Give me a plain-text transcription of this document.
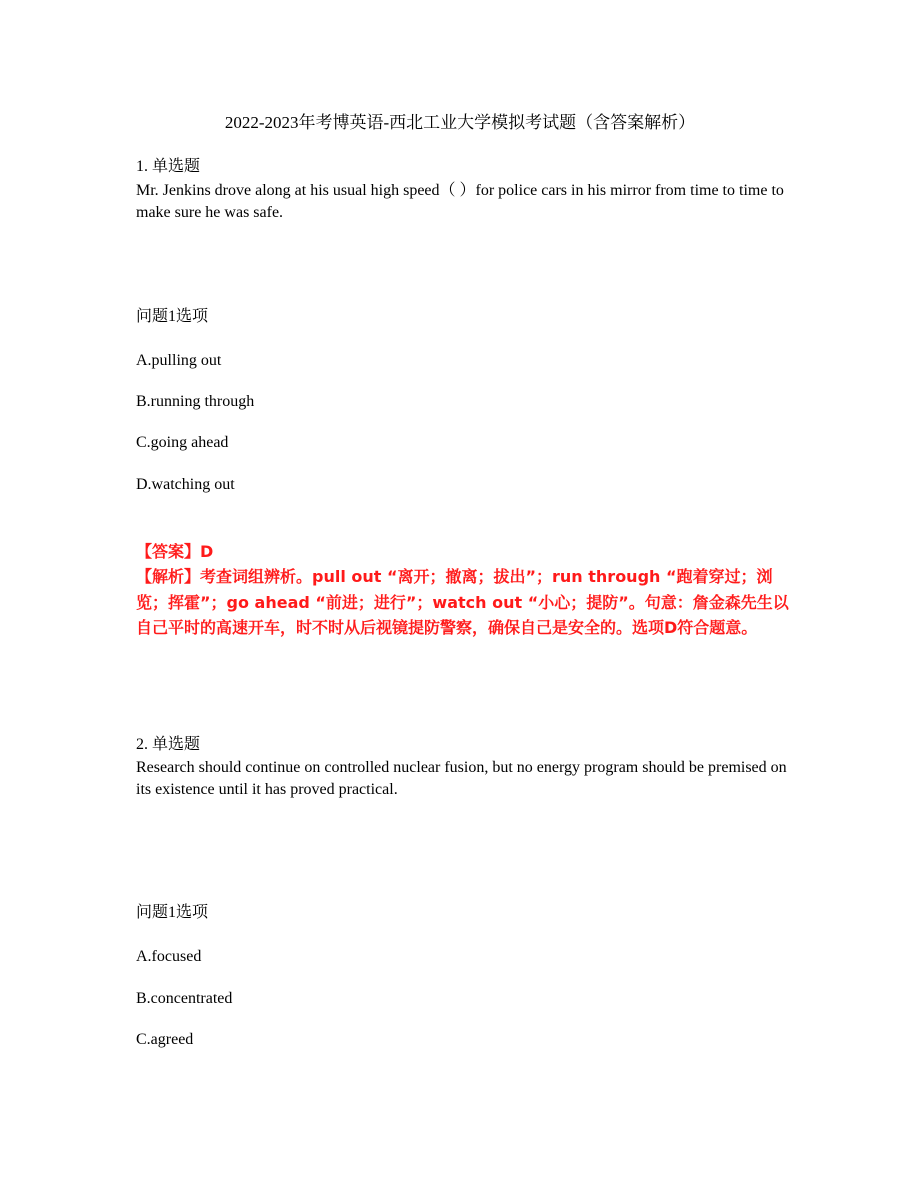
2022-2023年考博英语-西北工业大学模拟考试题（含答案解析）
1. 单选题
Mr. Jenkins drove along at his usual high speed（ ）for police cars in his mirror from time to time to make sure he was safe.
问题1选项
A.pulling out
B.running through
C.going ahead
D.watching out
【答案】D
【解析】考查词组辨析。pull out “离开；撤离；拔出”；run through “跑着穿过；浏览；挥霍”；go ahead “前进；进行”；watch out “小心；提防”。句意：詹金森先生以自己平时的高速开车，时不时从后视镜提防警察，确保自己是安全的。选项D符合题意。
2. 单选题
Research should continue on controlled nuclear fusion, but no energy program should be premised on its existence until it has proved practical.
问题1选项
A.focused
B.concentrated
C.agreed
